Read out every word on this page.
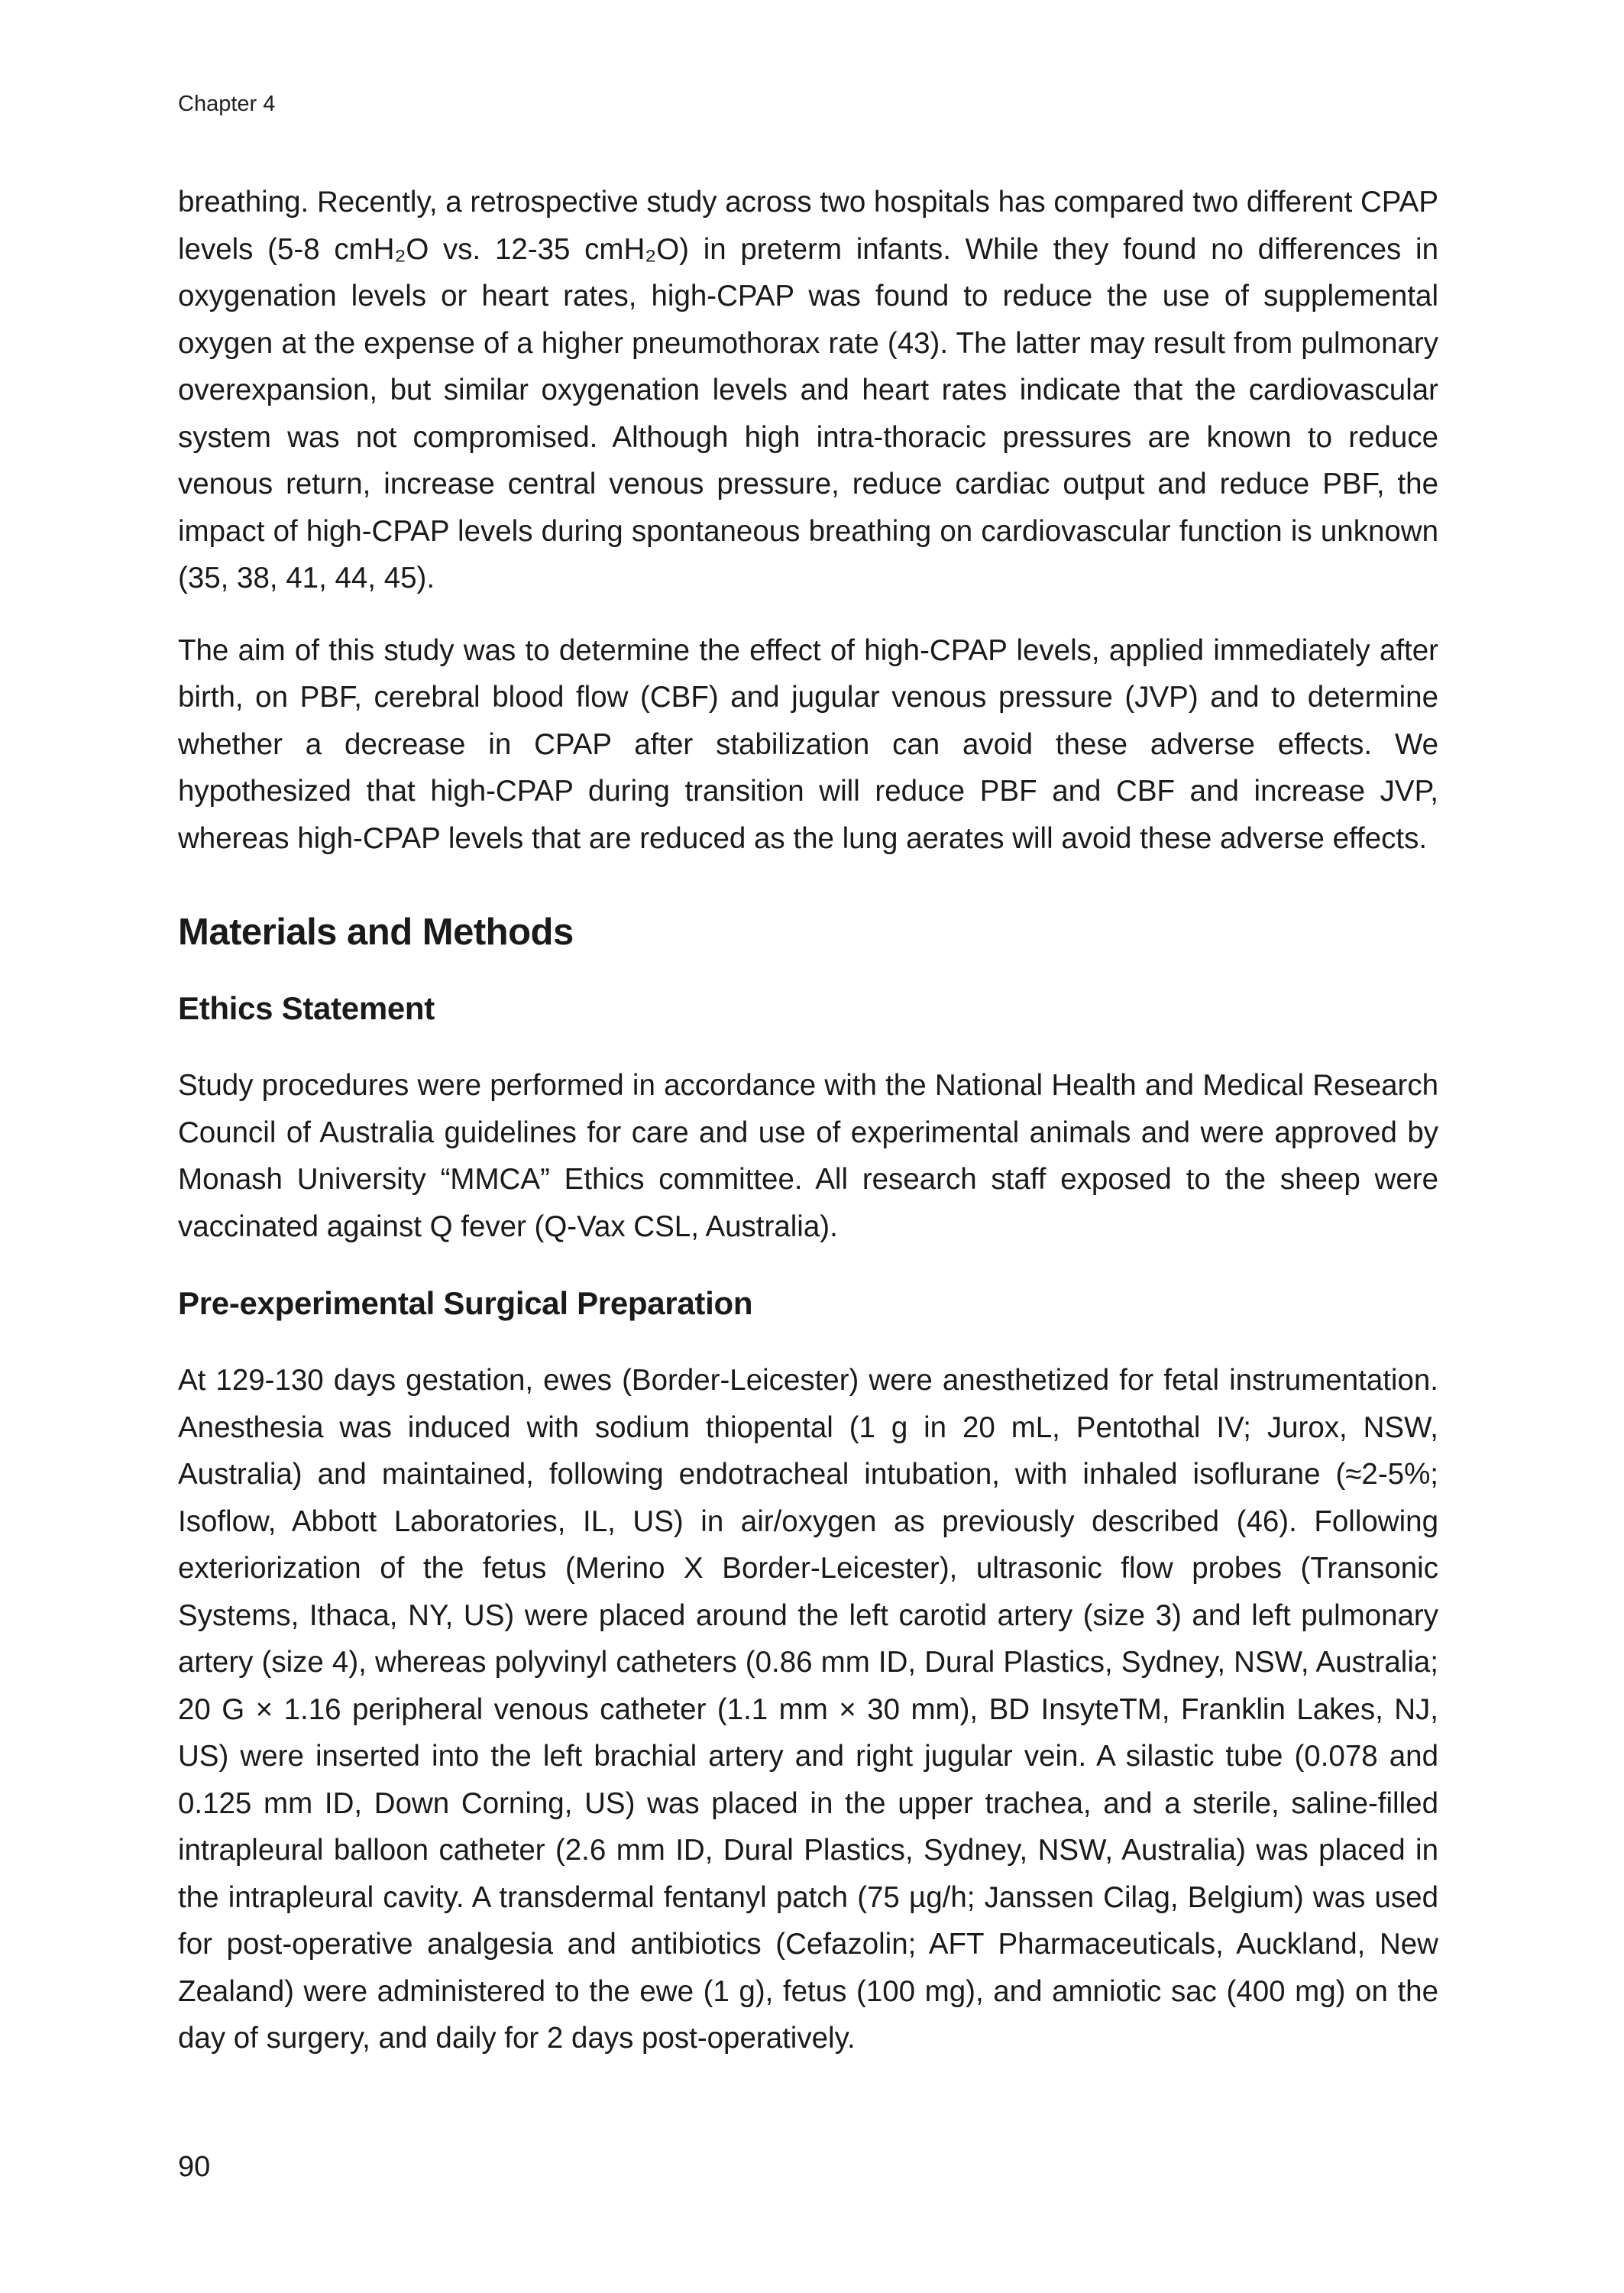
Chapter 4

breathing. Recently, a retrospective study across two hospitals has compared two different CPAP levels (5-8 cmH₂O vs. 12-35 cmH₂O) in preterm infants. While they found no differences in oxygenation levels or heart rates, high-CPAP was found to reduce the use of supplemental oxygen at the expense of a higher pneumothorax rate (43). The latter may result from pulmonary overexpansion, but similar oxygenation levels and heart rates indicate that the cardiovascular system was not compromised. Although high intra-thoracic pressures are known to reduce venous return, increase central venous pressure, reduce cardiac output and reduce PBF, the impact of high-CPAP levels during spontaneous breathing on cardiovascular function is unknown (35, 38, 41, 44, 45).

The aim of this study was to determine the effect of high-CPAP levels, applied immediately after birth, on PBF, cerebral blood flow (CBF) and jugular venous pressure (JVP) and to determine whether a decrease in CPAP after stabilization can avoid these adverse effects. We hypothesized that high-CPAP during transition will reduce PBF and CBF and increase JVP, whereas high-CPAP levels that are reduced as the lung aerates will avoid these adverse effects.

Materials and Methods
Ethics Statement

Study procedures were performed in accordance with the National Health and Medical Research Council of Australia guidelines for care and use of experimental animals and were approved by Monash University “MMCA” Ethics committee. All research staff exposed to the sheep were vaccinated against Q fever (Q-Vax CSL, Australia).

Pre-experimental Surgical Preparation

At 129-130 days gestation, ewes (Border-Leicester) were anesthetized for fetal instrumentation. Anesthesia was induced with sodium thiopental (1 g in 20 mL, Pentothal IV; Jurox, NSW, Australia) and maintained, following endotracheal intubation, with inhaled isoflurane (≈2-5%; Isoflow, Abbott Laboratories, IL, US) in air/oxygen as previously described (46). Following exteriorization of the fetus (Merino X Border-Leicester), ultrasonic flow probes (Transonic Systems, Ithaca, NY, US) were placed around the left carotid artery (size 3) and left pulmonary artery (size 4), whereas polyvinyl catheters (0.86 mm ID, Dural Plastics, Sydney, NSW, Australia; 20 G × 1.16 peripheral venous catheter (1.1 mm × 30 mm), BD InsyteTM, Franklin Lakes, NJ, US) were inserted into the left brachial artery and right jugular vein. A silastic tube (0.078 and 0.125 mm ID, Down Corning, US) was placed in the upper trachea, and a sterile, saline-filled intrapleural balloon catheter (2.6 mm ID, Dural Plastics, Sydney, NSW, Australia) was placed in the intrapleural cavity. A transdermal fentanyl patch (75 µg/h; Janssen Cilag, Belgium) was used for post-operative analgesia and antibiotics (Cefazolin; AFT Pharmaceuticals, Auckland, New Zealand) were administered to the ewe (1 g), fetus (100 mg), and amniotic sac (400 mg) on the day of surgery, and daily for 2 days post-operatively.

90
